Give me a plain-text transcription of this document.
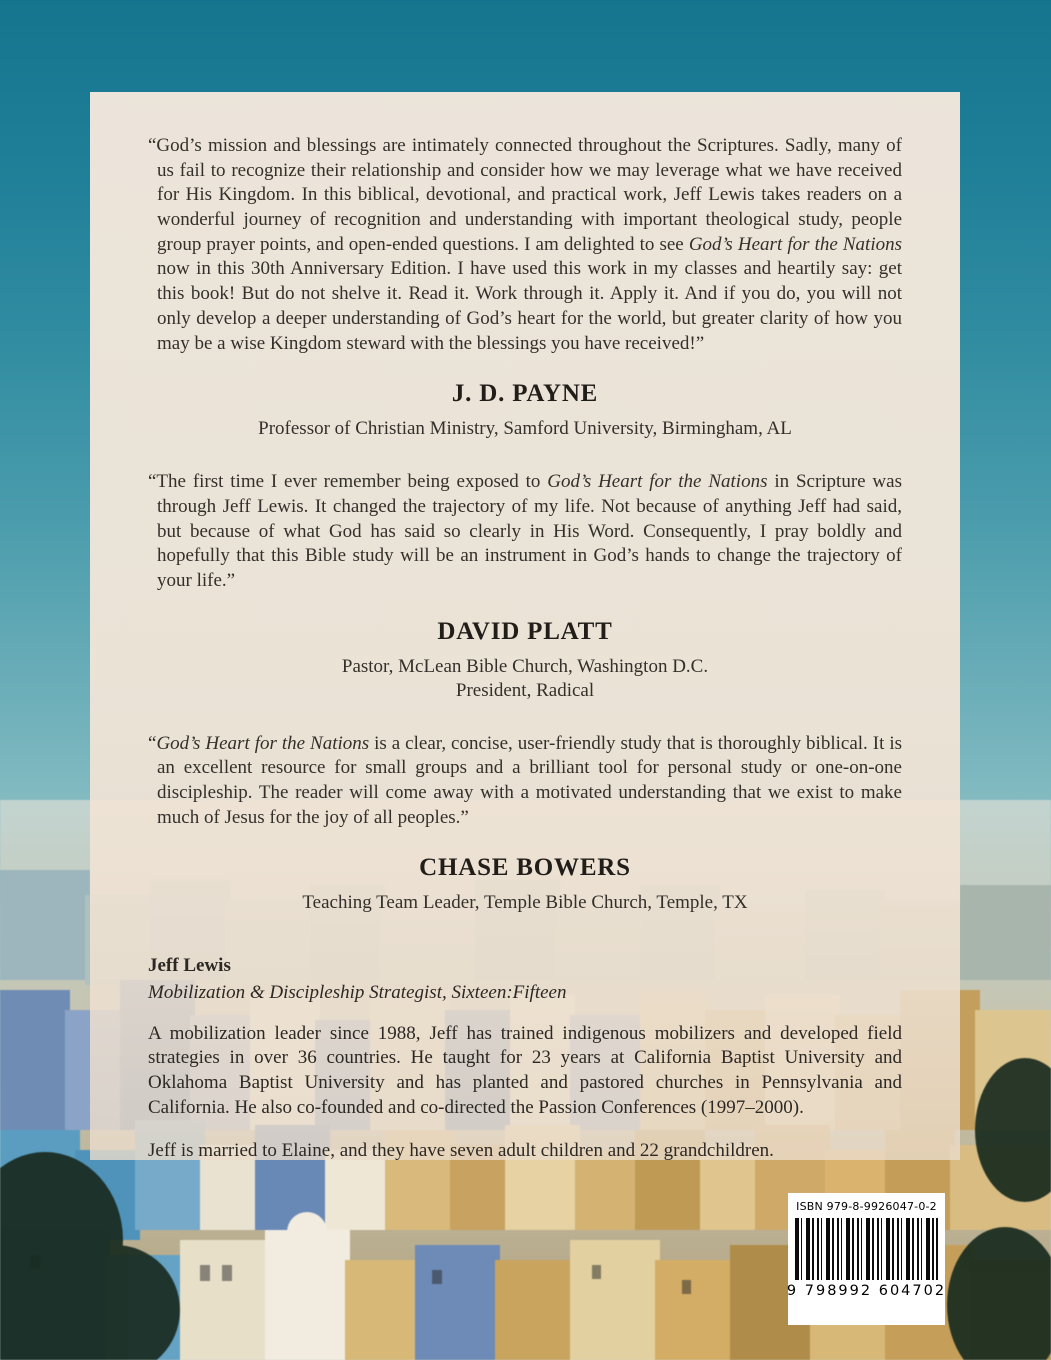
“God’s mission and blessings are intimately connected throughout the Scriptures. Sadly, many of us fail to recognize their relationship and consider how we may leverage what we have received for His Kingdom. In this biblical, devotional, and practical work, Jeff Lewis takes readers on a wonderful journey of recognition and understanding with important theological study, people group prayer points, and open-ended questions. I am delighted to see God’s Heart for the Nations now in this 30th Anniversary Edition. I have used this work in my classes and heartily say: get this book! But do not shelve it. Read it. Work through it. Apply it. And if you do, you will not only develop a deeper understanding of God’s heart for the world, but greater clarity of how you may be a wise Kingdom steward with the blessings you have received!”

J. D. PAYNE

Professor of Christian Ministry, Samford University, Birmingham, AL

“The first time I ever remember being exposed to God’s Heart for the Nations in Scripture was through Jeff Lewis. It changed the trajectory of my life. Not because of anything Jeff had said, but because of what God has said so clearly in His Word. Consequently, I pray boldly and hopefully that this Bible study will be an instrument in God’s hands to change the trajectory of your life.”

DAVID PLATT

Pastor, McLean Bible Church, Washington D.C.

President, Radical

“God’s Heart for the Nations is a clear, concise, user-friendly study that is thoroughly biblical. It is an excellent resource for small groups and a brilliant tool for personal study or one-on-one discipleship. The reader will come away with a motivated understanding that we exist to make much of Jesus for the joy of all peoples.”

CHASE BOWERS

Teaching Team Leader, Temple Bible Church, Temple, TX

Jeff Lewis

Mobilization & Discipleship Strategist, Sixteen:Fifteen

A mobilization leader since 1988, Jeff has trained indigenous mobilizers and developed field strategies in over 36 countries. He taught for 23 years at California Baptist University and Oklahoma Baptist University and has planted and pastored churches in Pennsylvania and California. He also co-founded and co-directed the Passion Conferences (1997–2000).

Jeff is married to Elaine, and they have seven adult children and 22 grandchildren.

ISBN 979-8-9926047-0-2
9 798992 604702
